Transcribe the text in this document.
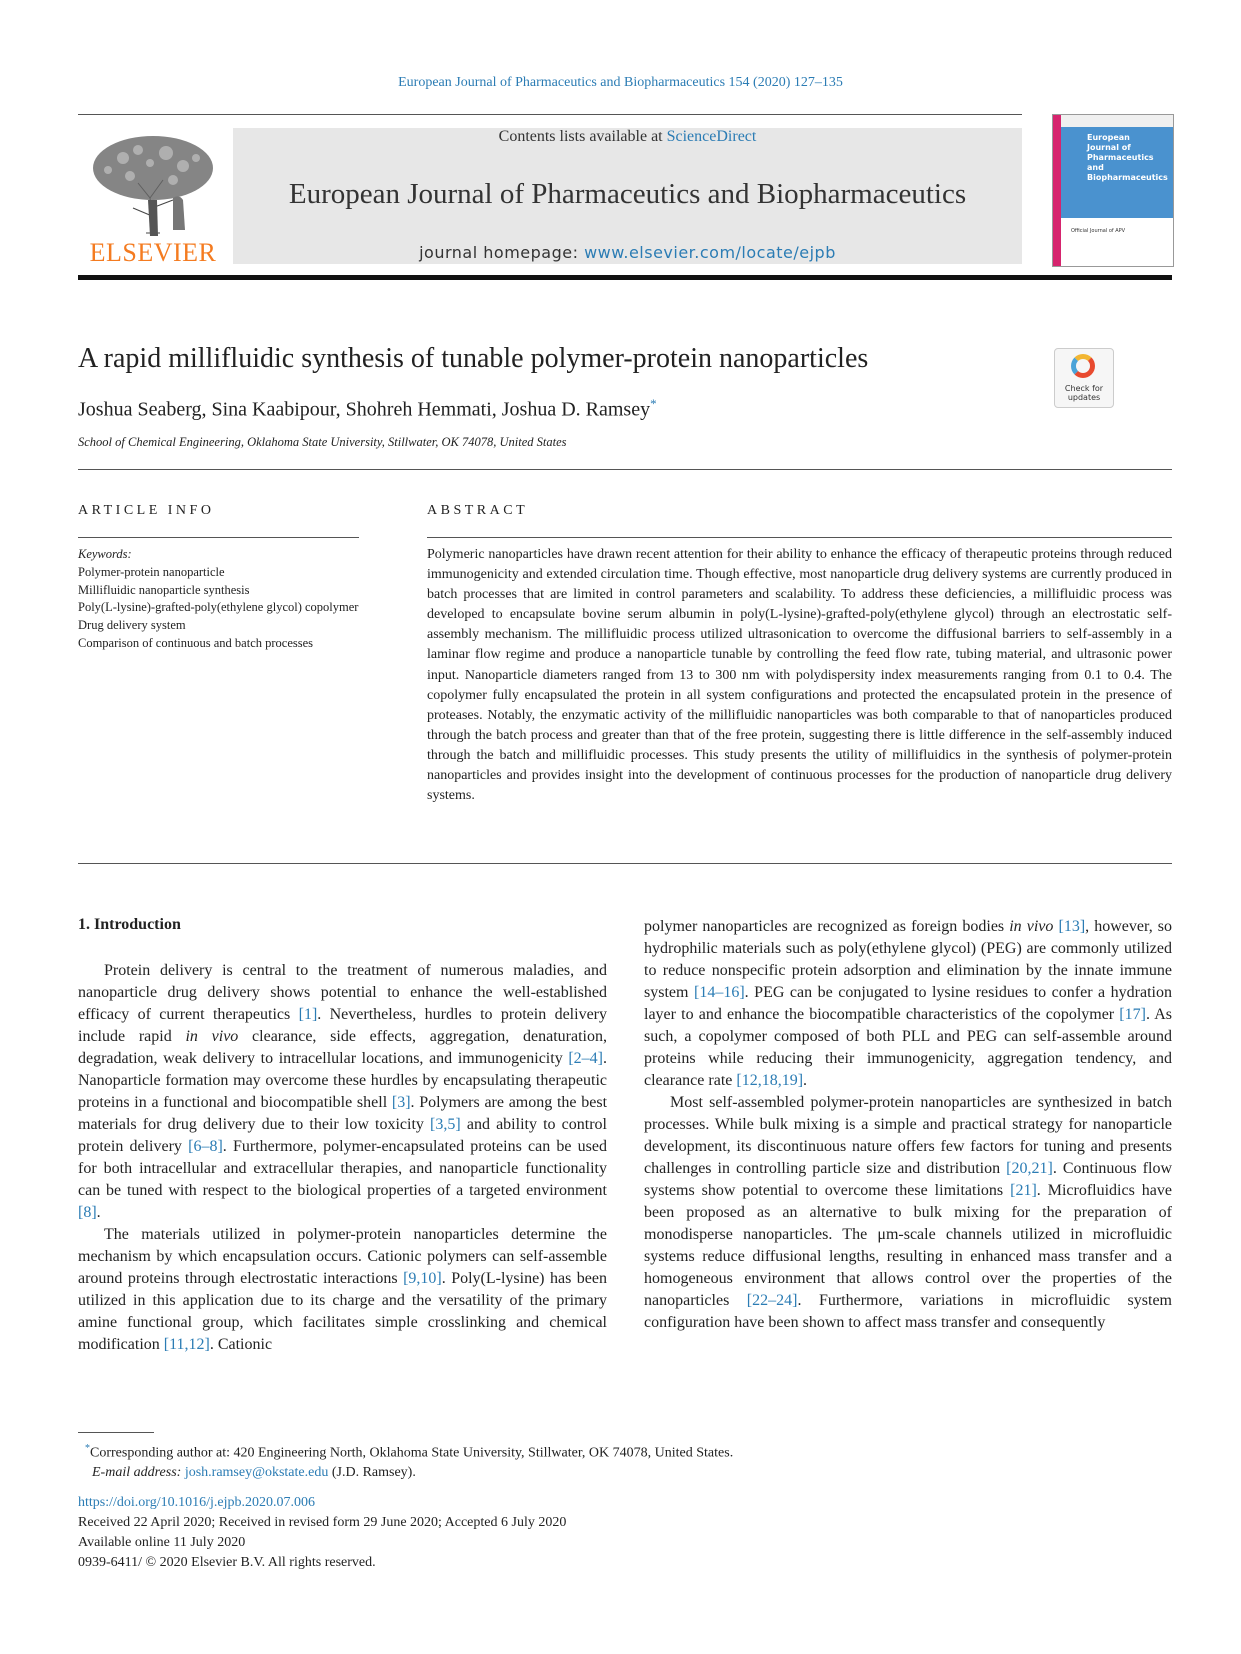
European Journal of Pharmaceutics and Biopharmaceutics 154 (2020) 127–135
ELSEVIER
Contents lists available at ScienceDirect
European Journal of Pharmaceutics and Biopharmaceutics
journal homepage: www.elsevier.com/locate/ejpb
European
Journal of
Pharmaceutics and
Biopharmaceutics
Official Journal of APV
A rapid millifluidic synthesis of tunable polymer-protein nanoparticles
Check for updates
Joshua Seaberg, Sina Kaabipour, Shohreh Hemmati, Joshua D. Ramsey*
School of Chemical Engineering, Oklahoma State University, Stillwater, OK 74078, United States
ARTICLE INFO
Keywords:
Polymer-protein nanoparticle
Millifluidic nanoparticle synthesis
Poly(L-lysine)-grafted-poly(ethylene glycol) copolymer
Drug delivery system
Comparison of continuous and batch processes
ABSTRACT
Polymeric nanoparticles have drawn recent attention for their ability to enhance the efficacy of therapeutic proteins through reduced immunogenicity and extended circulation time. Though effective, most nanoparticle drug delivery systems are currently produced in batch processes that are limited in control parameters and scalability. To address these deficiencies, a millifluidic process was developed to encapsulate bovine serum albumin in poly(L-lysine)-grafted-poly(ethylene glycol) through an electrostatic self-assembly mechanism. The millifluidic process utilized ultrasonication to overcome the diffusional barriers to self-assembly in a laminar flow regime and produce a nanoparticle tunable by controlling the feed flow rate, tubing material, and ultrasonic power input. Nanoparticle diameters ranged from 13 to 300 nm with polydispersity index measurements ranging from 0.1 to 0.4. The copolymer fully encapsulated the protein in all system configurations and protected the encapsulated protein in the presence of proteases. Notably, the enzymatic activity of the millifluidic nanoparticles was both comparable to that of nanoparticles produced through the batch process and greater than that of the free protein, suggesting there is little difference in the self-assembly induced through the batch and millifluidic processes. This study presents the utility of millifluidics in the synthesis of polymer-protein nanoparticles and provides insight into the development of continuous processes for the production of nanoparticle drug delivery systems.
1. Introduction

Protein delivery is central to the treatment of numerous maladies, and nanoparticle drug delivery shows potential to enhance the well-established efficacy of current therapeutics [1]. Nevertheless, hurdles to protein delivery include rapid in vivo clearance, side effects, aggregation, denaturation, degradation, weak delivery to intracellular locations, and immunogenicity [2–4]. Nanoparticle formation may overcome these hurdles by encapsulating therapeutic proteins in a functional and biocompatible shell [3]. Polymers are among the best materials for drug delivery due to their low toxicity [3,5] and ability to control protein delivery [6–8]. Furthermore, polymer-encapsulated proteins can be used for both intracellular and extracellular therapies, and nanoparticle functionality can be tuned with respect to the biological properties of a targeted environment [8].

The materials utilized in polymer-protein nanoparticles determine the mechanism by which encapsulation occurs. Cationic polymers can self-assemble around proteins through electrostatic interactions [9,10]. Poly(L-lysine) has been utilized in this application due to its charge and the versatility of the primary amine functional group, which facilitates simple crosslinking and chemical modification [11,12]. Cationic

polymer nanoparticles are recognized as foreign bodies in vivo [13], however, so hydrophilic materials such as poly(ethylene glycol) (PEG) are commonly utilized to reduce nonspecific protein adsorption and elimination by the innate immune system [14–16]. PEG can be conjugated to lysine residues to confer a hydration layer to and enhance the biocompatible characteristics of the copolymer [17]. As such, a copolymer composed of both PLL and PEG can self-assemble around proteins while reducing their immunogenicity, aggregation tendency, and clearance rate [12,18,19].

Most self-assembled polymer-protein nanoparticles are synthesized in batch processes. While bulk mixing is a simple and practical strategy for nanoparticle development, its discontinuous nature offers few factors for tuning and presents challenges in controlling particle size and distribution [20,21]. Continuous flow systems show potential to overcome these limitations [21]. Microfluidics have been proposed as an alternative to bulk mixing for the preparation of monodisperse nanoparticles. The μm-scale channels utilized in microfluidic systems reduce diffusional lengths, resulting in enhanced mass transfer and a homogeneous environment that allows control over the properties of the nanoparticles [22–24]. Furthermore, variations in microfluidic system configuration have been shown to affect mass transfer and consequently

*Corresponding author at: 420 Engineering North, Oklahoma State University, Stillwater, OK 74078, United States.
E-mail address: josh.ramsey@okstate.edu (J.D. Ramsey).
https://doi.org/10.1016/j.ejpb.2020.07.006
Received 22 April 2020; Received in revised form 29 June 2020; Accepted 6 July 2020
Available online 11 July 2020
0939-6411/ © 2020 Elsevier B.V. All rights reserved.
